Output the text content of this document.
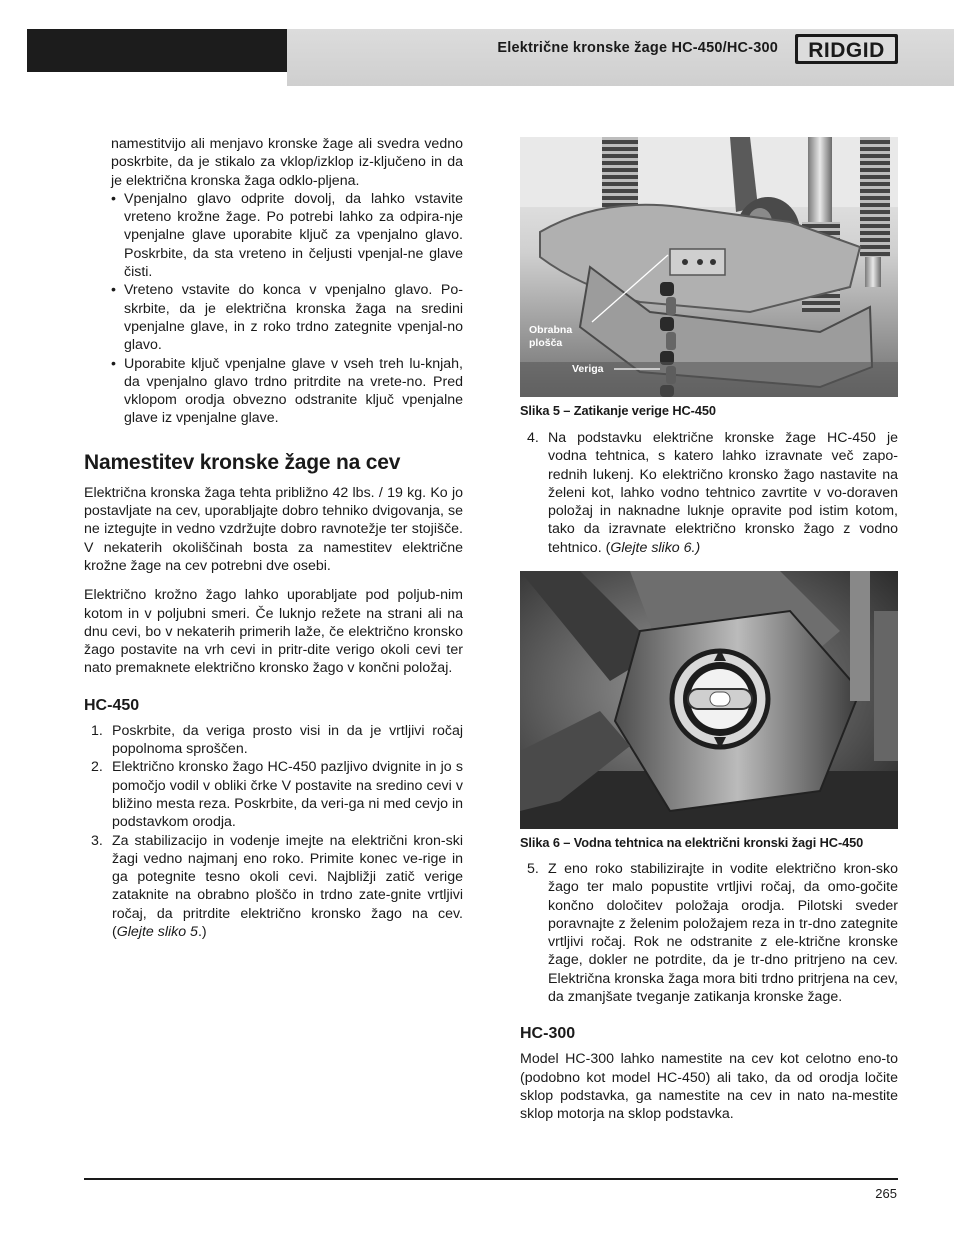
Električne kronske žage HC-450/HC-300 RIDGID

namestitvijo ali menjavo kronske žage ali svedra vedno poskrbite, da je stikalo za vklop/izklop iz-ključeno in da je električna kronska žaga odklo-pljena.

• Vpenjalno glavo odprite dovolj, da lahko vstavite vreteno krožne žage. Po potrebi lahko za odpira-nje vpenjalne glave uporabite ključ za vpenjalno glavo. Poskrbite, da sta vreteno in čeljusti vpenjal-ne glave čisti.

• Vreteno vstavite do konca v vpenjalno glavo. Po-skrbite, da je električna kronska žaga na sredini vpenjalne glave, in z roko trdno zategnite vpenjal-no glavo.

• Uporabite ključ vpenjalne glave v vseh treh lu-knjah, da vpenjalno glavo trdno pritrdite na vrete-no. Pred vklopom orodja obvezno odstranite ključ vpenjalne glave iz vpenjalne glave.

Namestitev kronske žage na cev

Električna kronska žaga tehta približno 42 lbs. / 19 kg. Ko jo postavljate na cev, uporabljajte dobro tehniko dvigovanja, se ne iztegujte in vedno vzdržujte dobro ravnotežje ter stojišče. V nekaterih okoliščinah bosta za namestitev električne krožne žage na cev potrebni dve osebi.

Električno krožno žago lahko uporabljate pod poljub-nim kotom in v poljubni smeri. Če luknjo režete na strani ali na dnu cevi, bo v nekaterih primerih laže, če električno kronsko žago postavite na vrh cevi in pritr-dite verigo okoli cevi ter nato premaknete električno kronsko žago v končni položaj.

HC-450

1. Poskrbite, da veriga prosto visi in da je vrtljivi ročaj popolnoma sproščen.

2. Električno kronsko žago HC-450 pazljivo dvignite in jo s pomočjo vodil v obliki črke V postavite na sredino cevi v bližino mesta reza. Poskrbite, da veri-ga ni med cevjo in podstavkom orodja.

3. Za stabilizacijo in vodenje imejte na električni kron-ski žagi vedno najmanj eno roko. Primite konec ve-rige in ga potegnite tesno okoli cevi. Najbližji zatič verige zataknite na obrabno ploščo in trdno zate-gnite vrtljivi ročaj, da pritrdite električno kronsko žago na cev. (Glejte sliko 5.)

Obrabna
plošča
Veriga
Slika 5 – Zatikanje verige HC-450

4. Na podstavku električne kronske žage HC-450 je vodna tehtnica, s katero lahko izravnate več zapo-rednih lukenj. Ko električno kronsko žago nastavite na želeni kot, lahko vodno tehtnico zavrtite v vo-doraven položaj in naknadne luknje opravite pod istim kotom, tako da izravnate električno kronsko žago z vodno tehtnico. (Glejte sliko 6.)

Slika 6 – Vodna tehtnica na električni kronski žagi HC-450

5. Z eno roko stabilizirajte in vodite električno kron-sko žago ter malo popustite vrtljivi ročaj, da omo-gočite končno določitev položaja orodja. Pilotski sveder poravnajte z želenim položajem reza in tr-dno zategnite vrtljivi ročaj. Rok ne odstranite z ele-ktrične kronske žage, dokler ne potrdite, da je tr-dno pritrjeno na cev. Električna kronska žaga mora biti trdno pritrjena na cev, da zmanjšate tveganje zatikanja kronske žage.

HC-300

Model HC-300 lahko namestite na cev kot celotno eno-to (podobno kot model HC-450) ali tako, da od orodja ločite sklop podstavka, ga namestite na cev in nato na-mestite sklop motorja na sklop podstavka.

265
